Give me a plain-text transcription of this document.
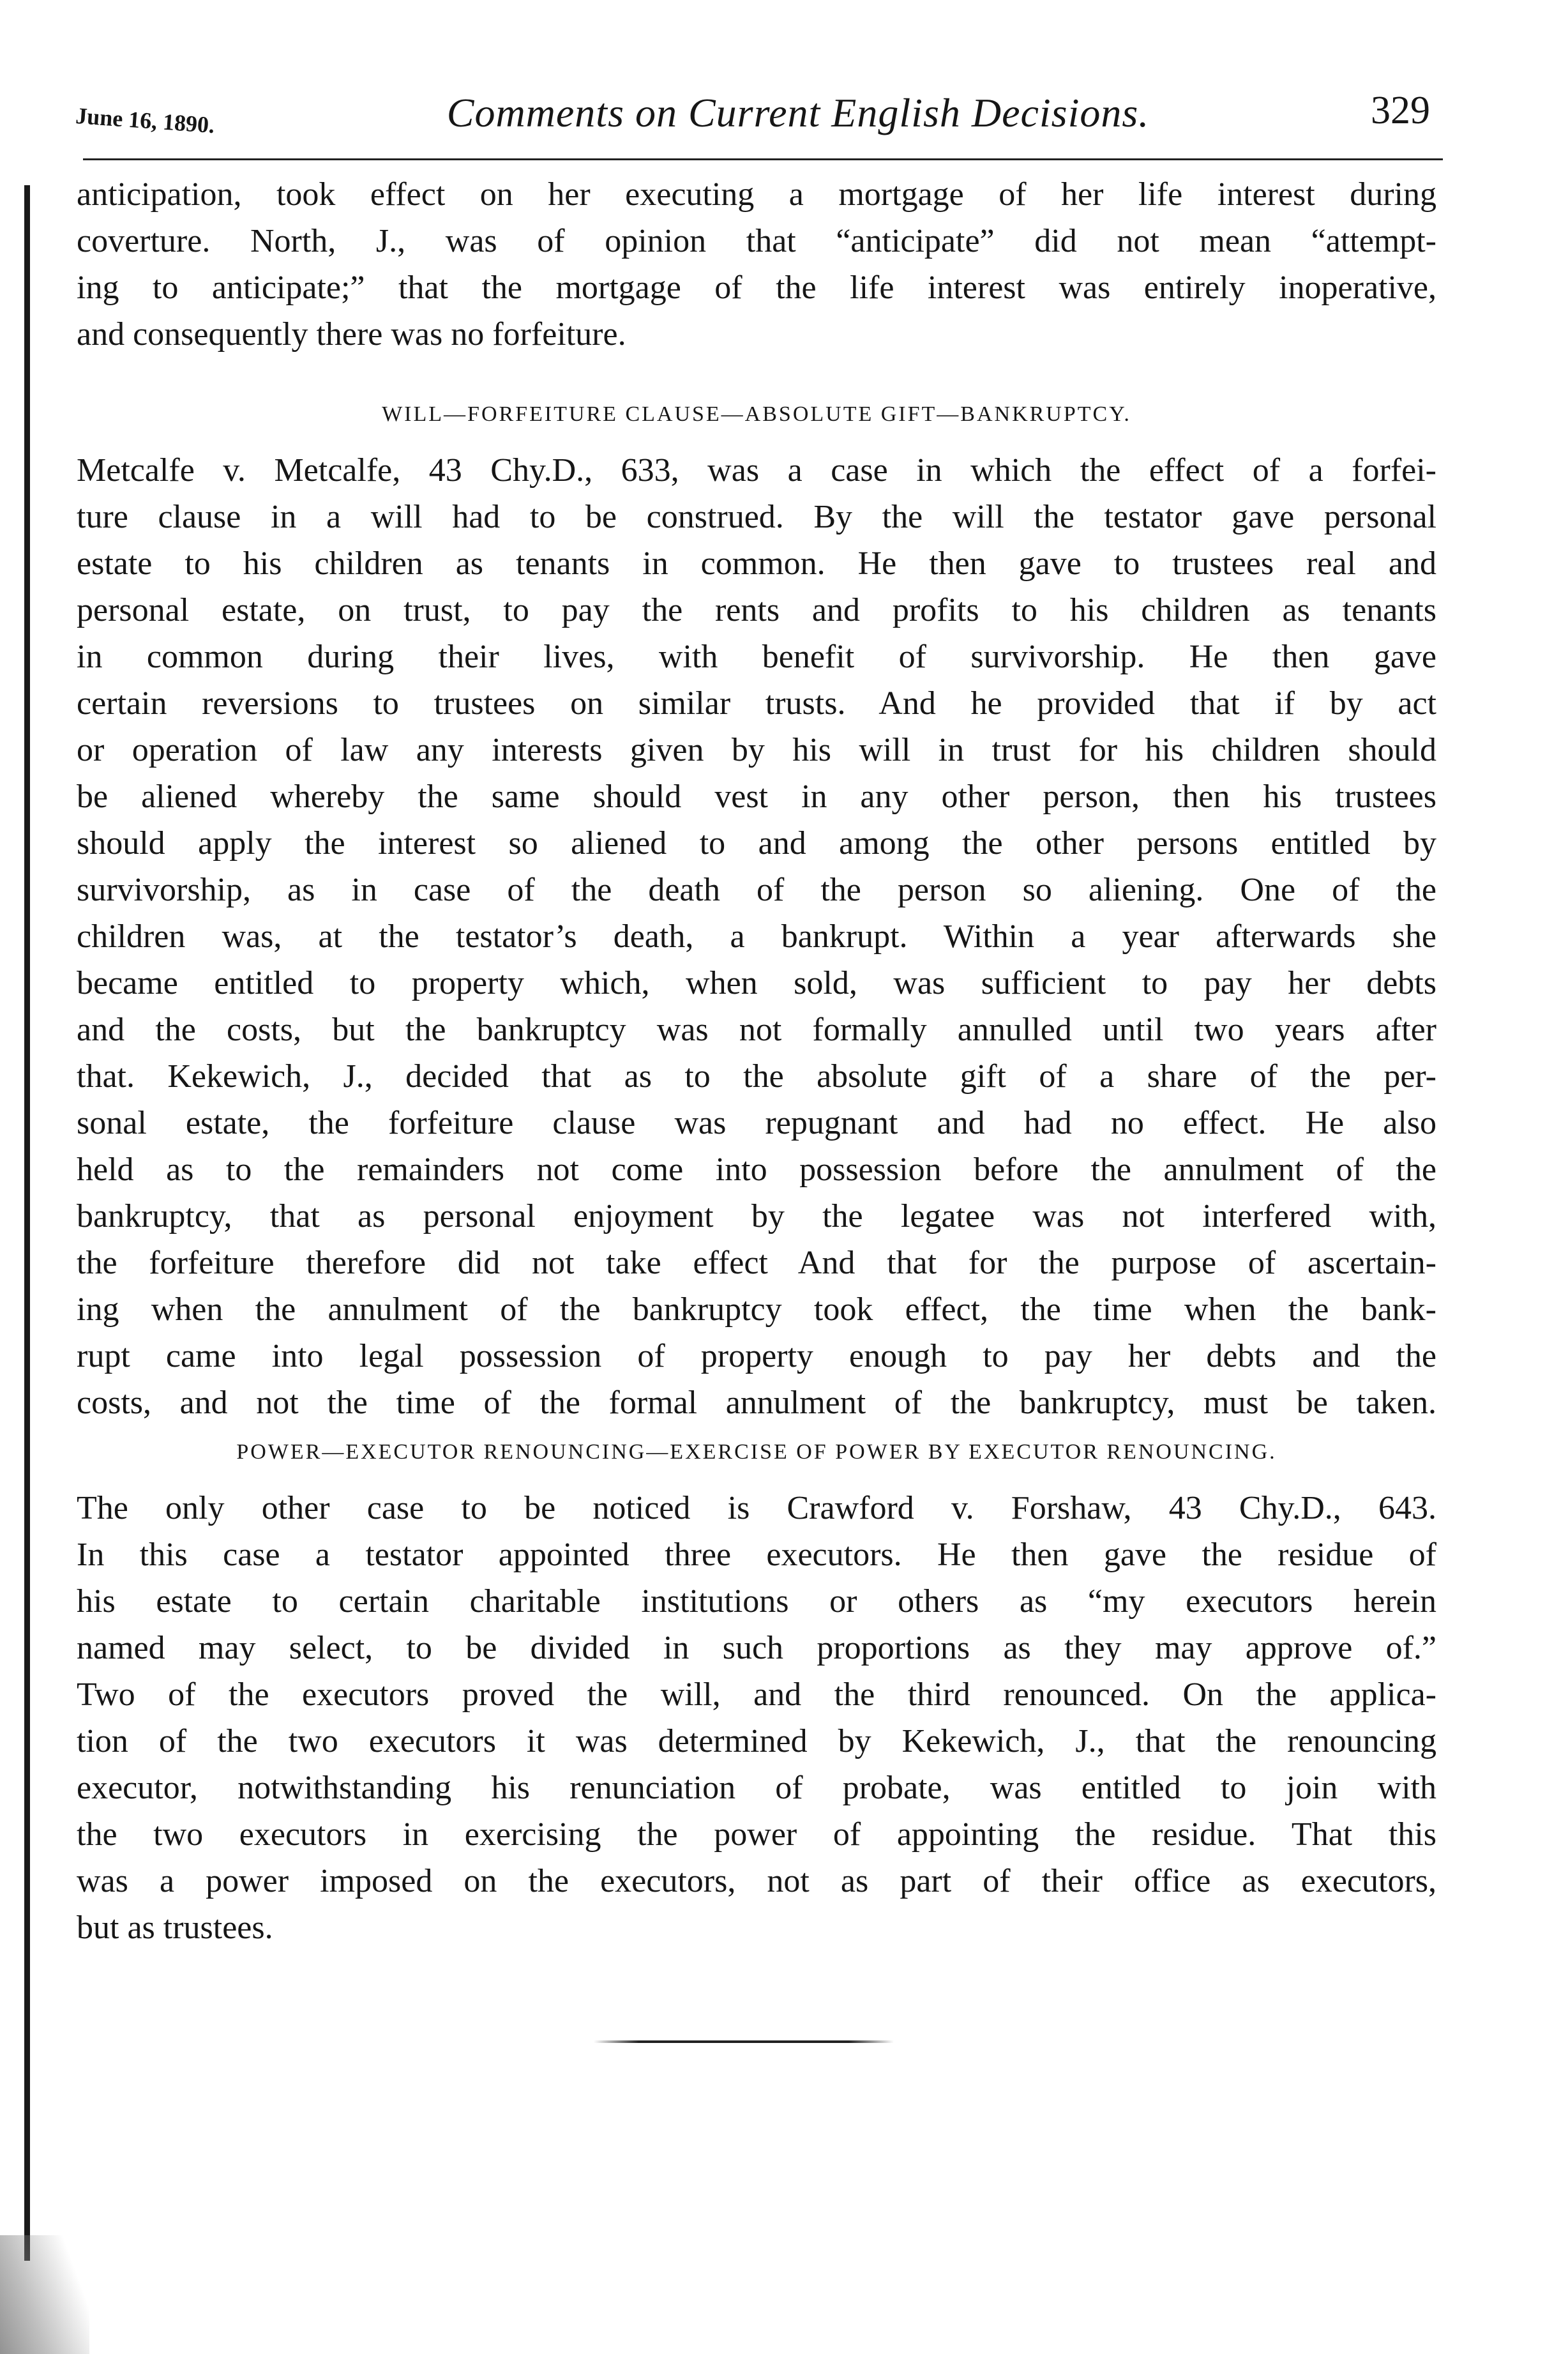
June 16, 1890.	Comments on Current English Decisions.	329
anticipation, took effect on her executing a mortgage of her life interest during
coverture. North, J., was of opinion that “anticipate” did not mean “attempt-
ing to anticipate;” that the mortgage of the life interest was entirely inoperative,
and consequently there was no forfeiture.
WILL—FORFEITURE CLAUSE—ABSOLUTE GIFT—BANKRUPTCY.
Metcalfe v. Metcalfe, 43 Chy.D., 633, was a case in which the effect of a forfei-
ture clause in a will had to be construed. By the will the testator gave personal
estate to his children as tenants in common. He then gave to trustees real and
personal estate, on trust, to pay the rents and profits to his children as tenants
in common during their lives, with benefit of survivorship. He then gave
certain reversions to trustees on similar trusts. And he provided that if by act
or operation of law any interests given by his will in trust for his children should
be aliened whereby the same should vest in any other person, then his trustees
should apply the interest so aliened to and among the other persons entitled by
survivorship, as in case of the death of the person so aliening. One of the
children was, at the testator’s death, a bankrupt. Within a year afterwards she
became entitled to property which, when sold, was sufficient to pay her debts
and the costs, but the bankruptcy was not formally annulled until two years after
that. Kekewich, J., decided that as to the absolute gift of a share of the per-
sonal estate, the forfeiture clause was repugnant and had no effect. He also
held as to the remainders not come into possession before the annulment of the
bankruptcy, that as personal enjoyment by the legatee was not interfered with,
the forfeiture therefore did not take effect And that for the purpose of ascertain-
ing when the annulment of the bankruptcy took effect, the time when the bank-
rupt came into legal possession of property enough to pay her debts and the
costs, and not the time of the formal annulment of the bankruptcy, must be taken.
POWER—EXECUTOR RENOUNCING—EXERCISE OF POWER BY EXECUTOR RENOUNCING.
The only other case to be noticed is Crawford v. Forshaw, 43 Chy.D., 643.
In this case a testator appointed three executors. He then gave the residue of
his estate to certain charitable institutions or others as “my executors herein
named may select, to be divided in such proportions as they may approve of.”
Two of the executors proved the will, and the third renounced. On the applica-
tion of the two executors it was determined by Kekewich, J., that the renouncing
executor, notwithstanding his renunciation of probate, was entitled to join with
the two executors in exercising the power of appointing the residue. That this
was a power imposed on the executors, not as part of their office as executors,
but as trustees.
